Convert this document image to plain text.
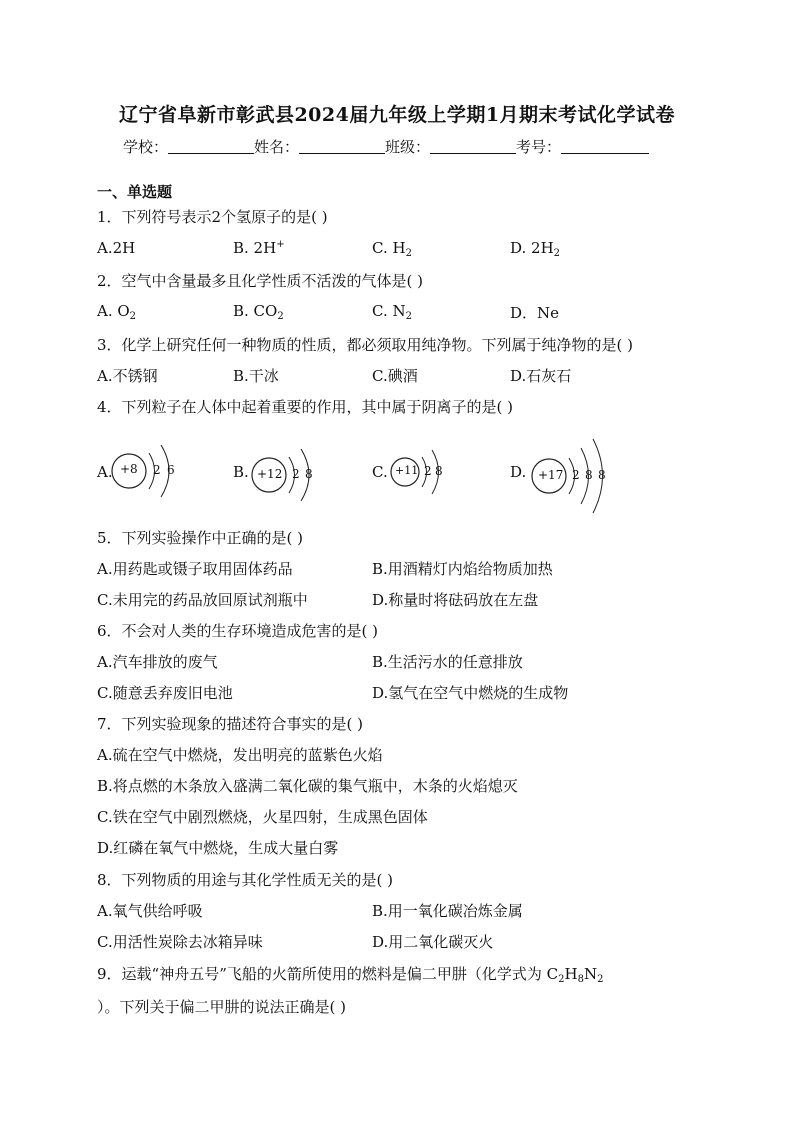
辽宁省阜新市彰武县2024届九年级上学期1月期末考试化学试卷
学校：	姓名：	班级：	考号：
一、单选题
1．下列符号表示2个氢原子的是( )
A.2H	B. 2H+	C. $H_2$	D. $2H_2$
2．空气中含量最多且化学性质不活泼的气体是( )
A. $O_2$	B. $CO_2$	C. $N_2$	D．Ne
3．化学上研究任何一种物质的性质，都必须取用纯净物。下列属于纯净物的是( )
A.不锈钢	B.干冰	C.碘酒	D.石灰石
4．下列粒子在人体中起着重要的作用，其中属于阴离子的是( )
A. +8 2 6	B. +12 2 8	C. +11 2 8	D. +17 2 8 8
5．下列实验操作中正确的是( )
A.用药匙或镊子取用固体药品	B.用酒精灯内焰给物质加热
C.未用完的药品放回原试剂瓶中	D.称量时将砝码放在左盘
6．不会对人类的生存环境造成危害的是( )
A.汽车排放的废气	B.生活污水的任意排放
C.随意丢弃废旧电池	D.氢气在空气中燃烧的生成物
7．下列实验现象的描述符合事实的是( )
A.硫在空气中燃烧，发出明亮的蓝紫色火焰
B.将点燃的木条放入盛满二氧化碳的集气瓶中，木条的火焰熄灭
C.铁在空气中剧烈燃烧，火星四射，生成黑色固体
D.红磷在氧气中燃烧，生成大量白雾
8．下列物质的用途与其化学性质无关的是( )
A.氧气供给呼吸	B.用一氧化碳冶炼金属
C.用活性炭除去冰箱异味	D.用二氧化碳灭火
9．运载“神舟五号”飞船的火箭所使用的燃料是偏二甲肼（化学式为 $C_2H_8N_2$
）。下列关于偏二甲肼的说法正确是( )
